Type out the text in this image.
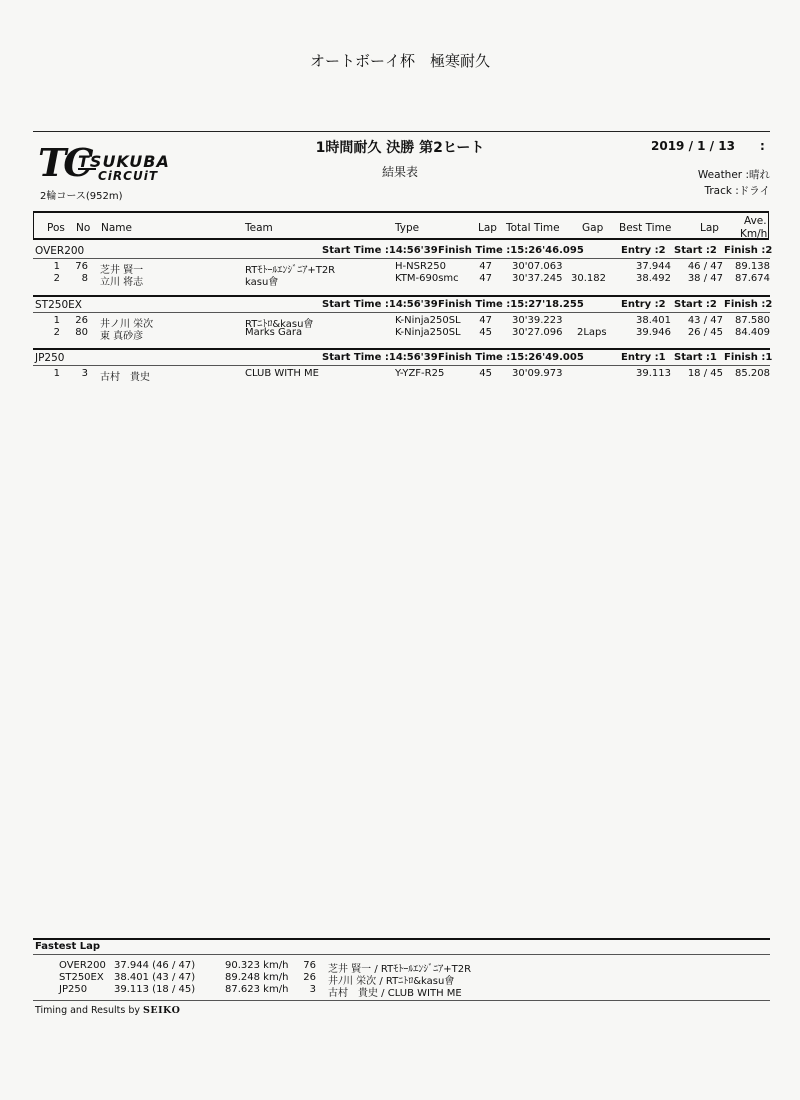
オートボーイ杯　極寒耐久
TC
TSUKUBA
CiRCUiT
2輪コース(952m)
1時間耐久 決勝 第2ヒート	2019 / 1 / 13 :
結果表	Weather :晴れ
Track :ドライ
Pos No Name	Team	Type	Lap Total Time Gap Best Time	Lap
Ave.
Km/h
OVER200	Start Time :14:56'39 Finish Time :15:26'46.095	Entry :2 Start :2 Finish :2
1	76 芝井 賢一	RTﾓﾄｰﾙｴﾝｼﾞﾆｱ+T2R	H-NSR250	47 30'07.063	37.944	46 / 47	89.138
2	8 立川 将志	kasu會	KTM-690smc	47 30'37.245 30.182	38.492	38 / 47	87.674
ST250EX	Start Time :14:56'39 Finish Time :15:27'18.255	Entry :2 Start :2 Finish :2
1	26 井ノ川 栄次	RTﾆﾄﾛ&kasu會	K-Ninja250SL	47 30'39.223	38.401	43 / 47	87.580
2	80 東 真砂彦	Marks Gara	K-Ninja250SL	45 30'27.096 2Laps	39.946	26 / 45	84.409
JP250	Start Time :14:56'39 Finish Time :15:26'49.005	Entry :1 Start :1 Finish :1
1	3 古村　貴史	CLUB WITH ME	Y-YZF-R25	45 30'09.973	39.113	18 / 45	85.208
Fastest Lap
OVER200 37.944 (46 / 47)	90.323 km/h	76 芝井 賢一 / RTﾓﾄｰﾙｴﾝｼﾞﾆｱ+T2R
ST250EX 38.401 (43 / 47)	89.248 km/h	26 井ﾉ川 栄次 / RTﾆﾄﾛ&kasu會
JP250	39.113 (18 / 45)	87.623 km/h	3 古村　貴史 / CLUB WITH ME
Timing and Results by SEIKO
